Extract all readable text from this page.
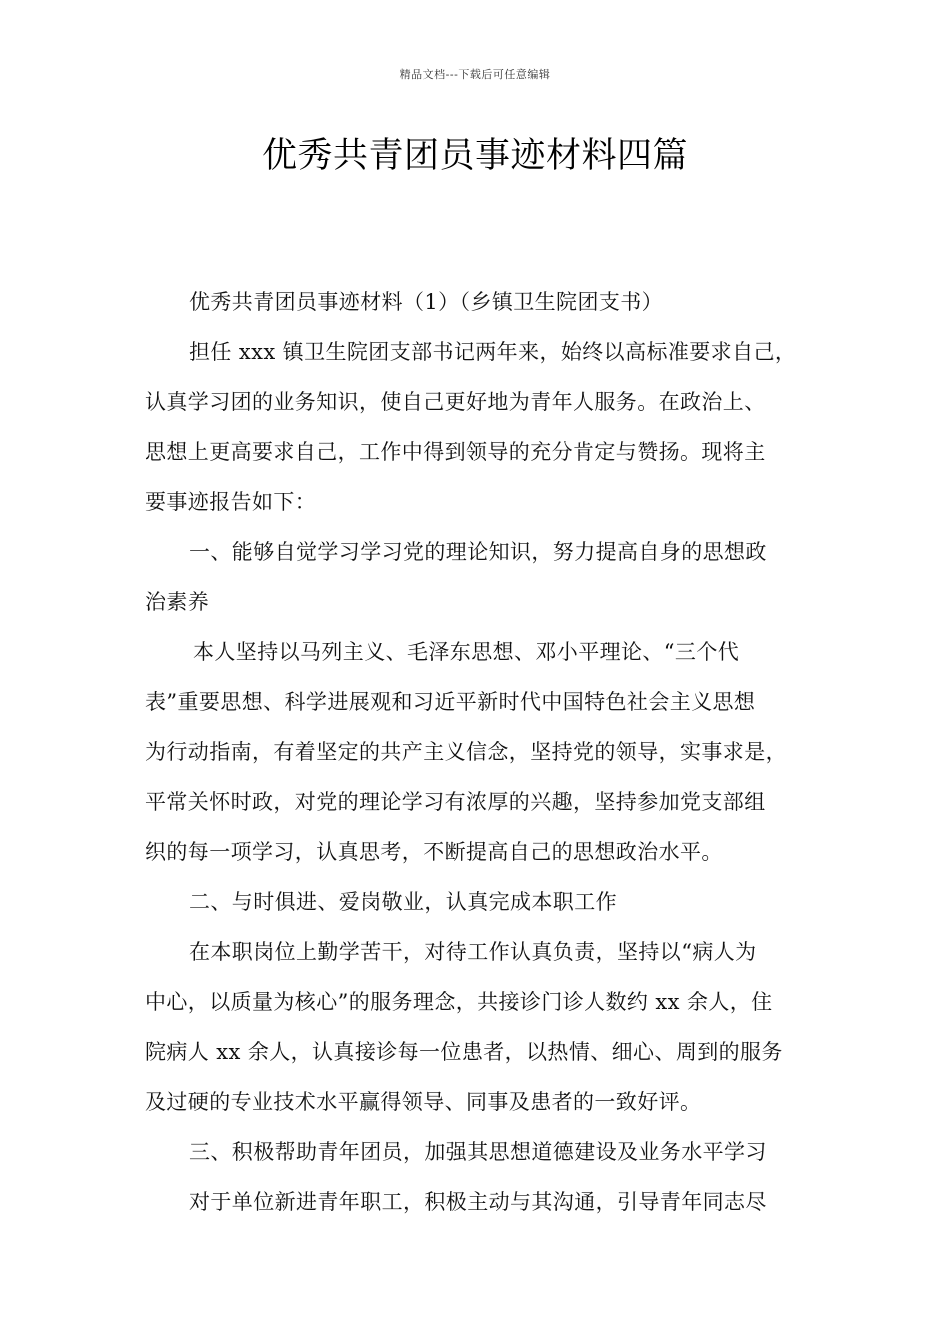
精品文档---下载后可任意编辑
优秀共青团员事迹材料四篇
优秀共青团员事迹材料（1）（乡镇卫生院团支书）
担任 xxx 镇卫生院团支部书记两年来，始终以高标准要求自己，
认真学习团的业务知识，使自己更好地为青年人服务。在政治上、
思想上更高要求自己，工作中得到领导的充分肯定与赞扬。现将主
要事迹报告如下：
一、能够自觉学习学习党的理论知识，努力提高自身的思想政
治素养
本人坚持以马列主义、毛泽东思想、邓小平理论、“三个代
表”重要思想、科学进展观和习近平新时代中国特色社会主义思想
为行动指南，有着坚定的共产主义信念，坚持党的领导，实事求是，
平常关怀时政，对党的理论学习有浓厚的兴趣，坚持参加党支部组
织的每一项学习，认真思考，不断提高自己的思想政治水平。
二、与时俱进、爱岗敬业，认真完成本职工作
在本职岗位上勤学苦干，对待工作认真负责，坚持以“病人为
中心，以质量为核心”的服务理念，共接诊门诊人数约 xx 余人，住
院病人 xx 余人，认真接诊每一位患者，以热情、细心、周到的服务
及过硬的专业技术水平赢得领导、同事及患者的一致好评。
三、积极帮助青年团员，加强其思想道德建设及业务水平学习
对于单位新进青年职工，积极主动与其沟通，引导青年同志尽
